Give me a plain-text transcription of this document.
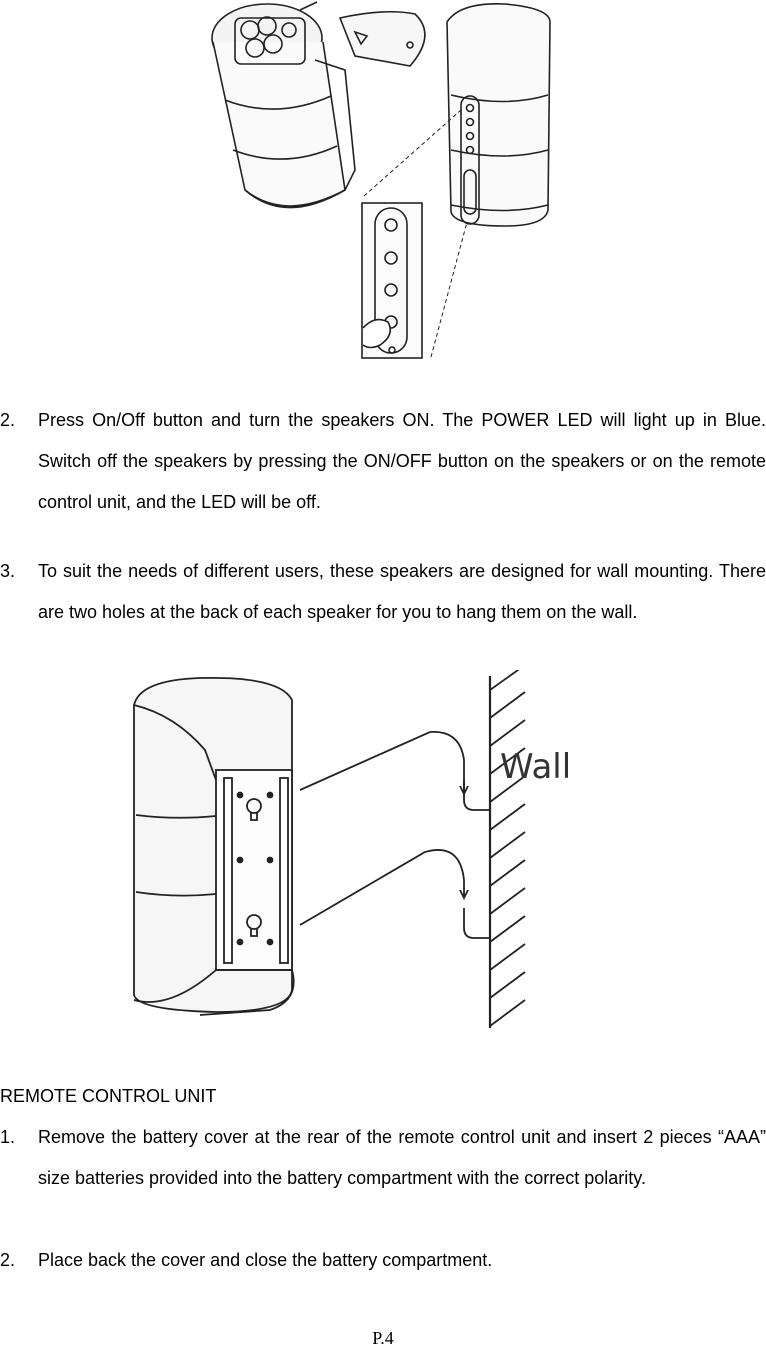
2. Press On/Off button and turn the speakers ON. The POWER LED will light up in Blue. Switch off the speakers by pressing the ON/OFF button on the speakers or on the remote control unit, and the LED will be off.
3. To suit the needs of different users, these speakers are designed for wall mounting. There are two holes at the back of each speaker for you to hang them on the wall.
Wall
REMOTE CONTROL UNIT
1. Remove the battery cover at the rear of the remote control unit and insert 2 pieces “AAA” size batteries provided into the battery compartment with the correct polarity.
2. Place back the cover and close the battery compartment.
P.4
